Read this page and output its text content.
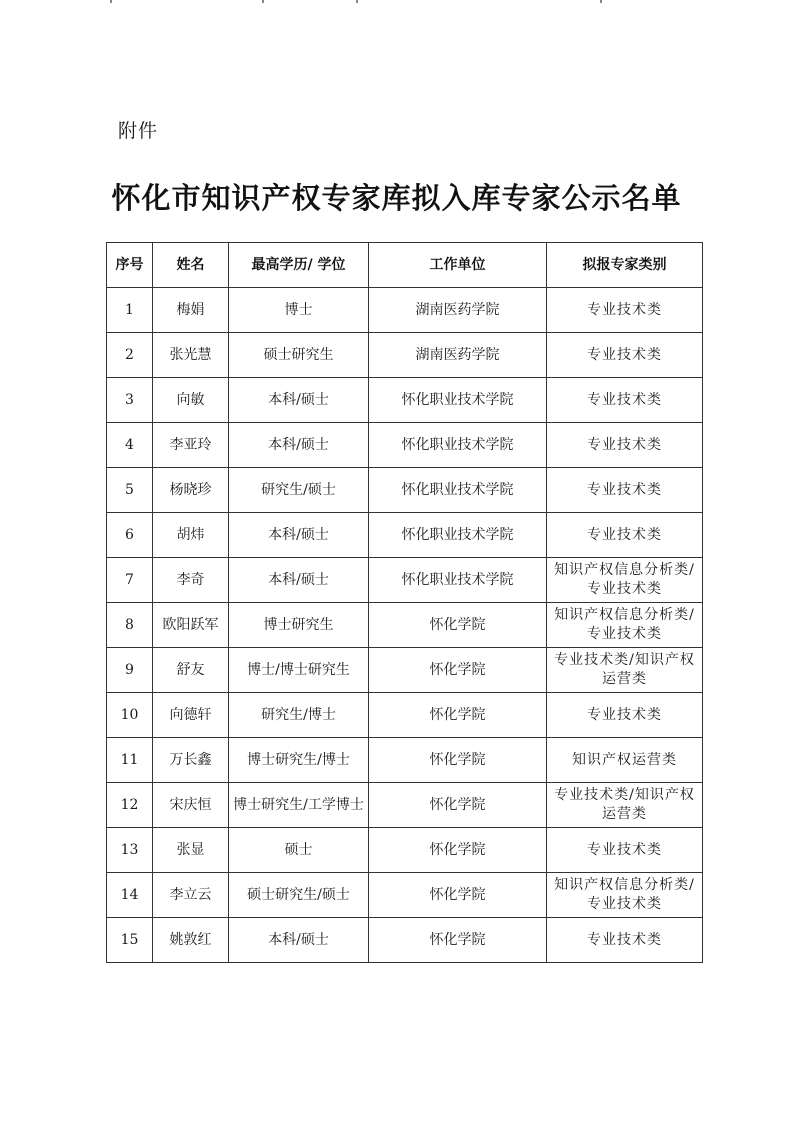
附件
怀化市知识产权专家库拟入库专家公示名单
序号	姓名	最高学历/ 学位	工作单位	拟报专家类别
1	梅娟	博士	湖南医药学院	专业技术类
2	张光慧	硕士研究生	湖南医药学院	专业技术类
3	向敏	本科/硕士	怀化职业技术学院	专业技术类
4	李亚玲	本科/硕士	怀化职业技术学院	专业技术类
5	杨晓珍	研究生/硕士	怀化职业技术学院	专业技术类
6	胡炜	本科/硕士	怀化职业技术学院	专业技术类
7	李奇	本科/硕士	怀化职业技术学院	知识产权信息分析类/专业技术类
8	欧阳跃军	博士研究生	怀化学院	知识产权信息分析类/专业技术类
9	舒友	博士/博士研究生	怀化学院	专业技术类/知识产权运营类
10	向德轩	研究生/博士	怀化学院	专业技术类
11	万长鑫	博士研究生/博士	怀化学院	知识产权运营类
12	宋庆恒	博士研究生/工学博士	怀化学院	专业技术类/知识产权运营类
13	张显	硕士	怀化学院	专业技术类
14	李立云	硕士研究生/硕士	怀化学院	知识产权信息分析类/专业技术类
15	姚敦红	本科/硕士	怀化学院	专业技术类
